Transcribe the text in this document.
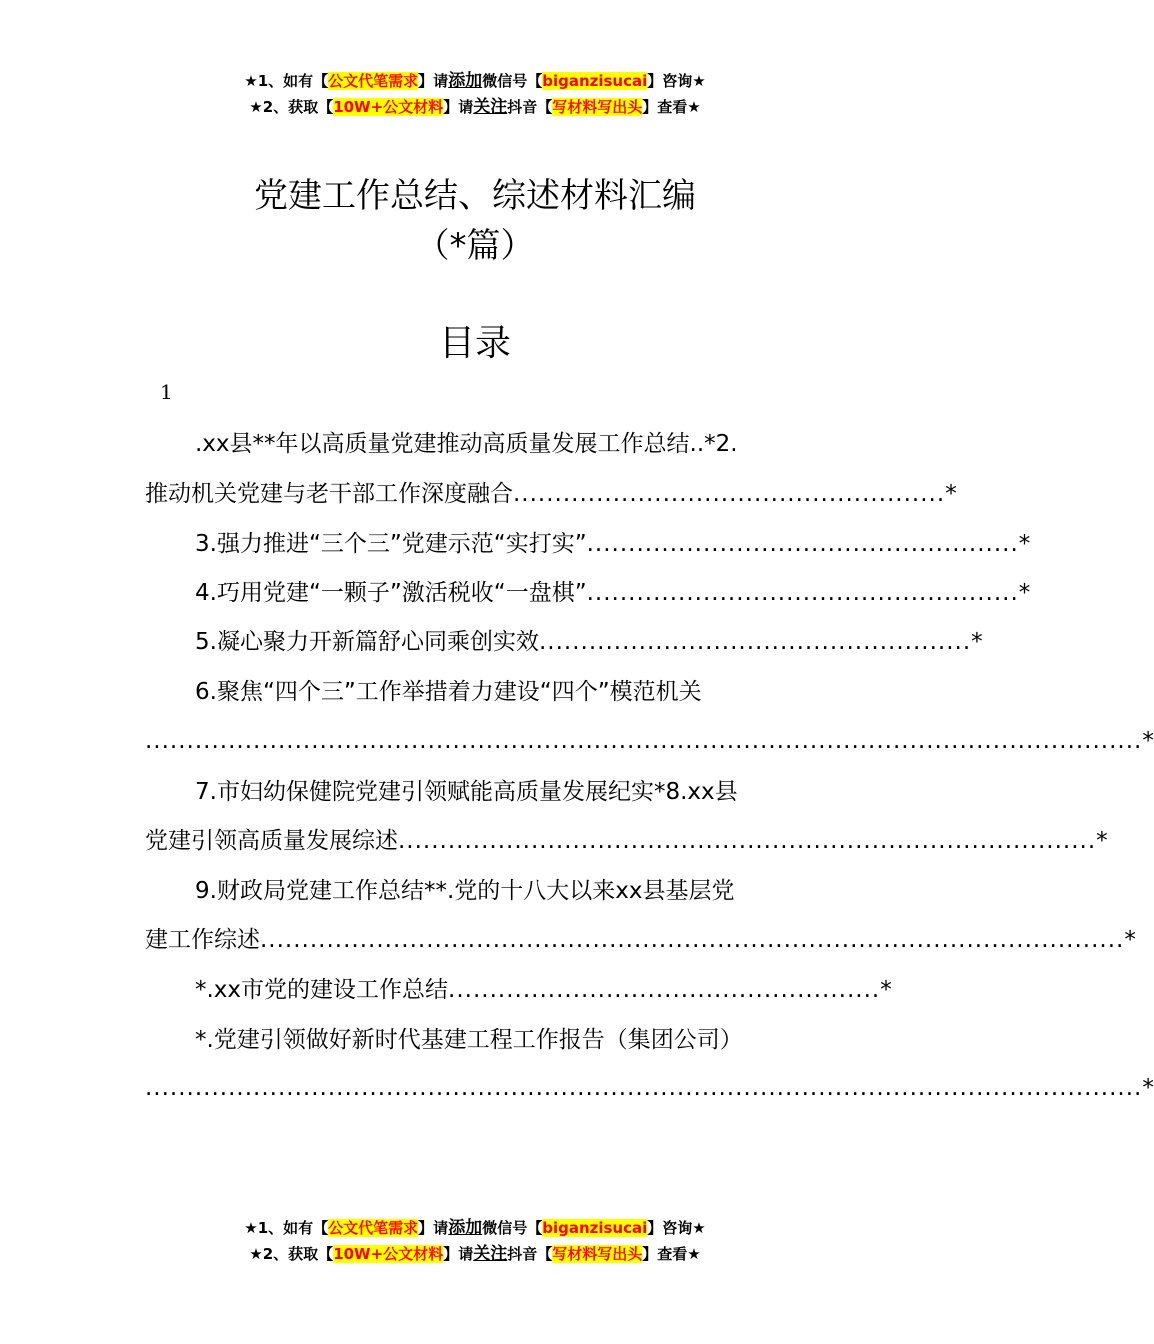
★1、如有【公文代笔需求】请添加微信号【biganzisucai】咨询★
★2、获取【10W+公文材料】请关注抖音【写材料写出头】查看★
党建工作总结、综述材料汇编
（*篇）
目录
1
.xx县**年以高质量党建推动高质量发展工作总结..*2.
推动机关党建与老干部工作深度融合 .................................................... *
3.强力推进“三个三”党建示范“实打实” .................................................... *
4.巧用党建“一颗子”激活税收“一盘棋” .................................................... *
5.凝心聚力开新篇舒心同乘创实效 .................................................... *
6.聚焦“四个三”工作举措着力建设“四个”模范机关
........................................................................................................................ *
7.市妇幼保健院党建引领赋能高质量发展纪实*8.xx县
党建引领高质量发展综述 .................................................................................... *
9.财政局党建工作总结**.党的十八大以来xx县基层党
建工作综述 ........................................................................................................ *
*.xx市党的建设工作总结 .................................................... *
*.党建引领做好新时代基建工程工作报告（集团公司）
........................................................................................................................ *
★1、如有【公文代笔需求】请添加微信号【biganzisucai】咨询★
★2、获取【10W+公文材料】请关注抖音【写材料写出头】查看★
